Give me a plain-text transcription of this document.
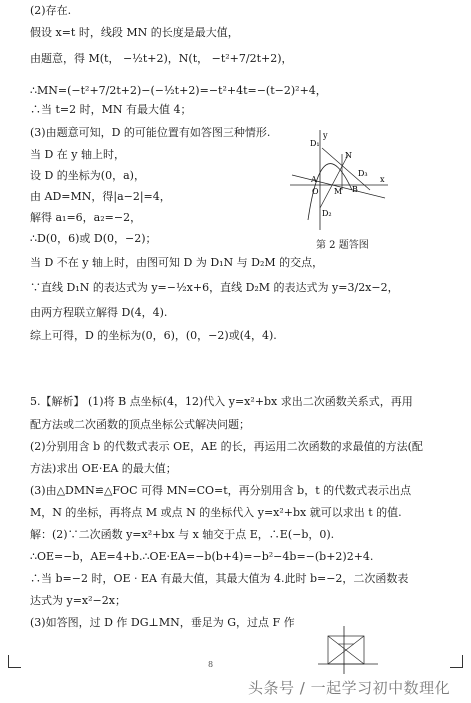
(2)存在.
假设 x=t 时，线段 MN 的长度是最大值，
由题意，得 M(t， −½t+2)，N(t， −t²+7/2t+2)，
∴MN=(−t²+7/2t+2)−(−½t+2)=−t²+4t=−(t−2)²+4，
∴当 t=2 时，MN 有最大值 4；
(3)由题意可知，D 的可能位置有如答图三种情形.
当 D 在 y 轴上时，
设 D 的坐标为(0，a)，
由 AD=MN，得|a−2|=4，
解得 a₁=6，a₂=−2，
∴D(0，6)或 D(0，−2)；
当 D 不在 y 轴上时，由图可知 D 为 D₁N 与 D₂M 的交点，
∵直线 D₁N 的表达式为 y=−½x+6，直线 D₂M 的表达式为 y=3/2x−2，
由两方程联立解得 D(4，4).
综上可得，D 的坐标为(0，6)，(0，−2)或(4，4).
5.【解析】 (1)将 B 点坐标(4，12)代入 y=x²+bx 求出二次函数关系式，再用
配方法或二次函数的顶点坐标公式解决问题；
(2)分别用含 b 的代数式表示 OE，AE 的长，再运用二次函数的求最值的方法(配
方法)求出 OE·EA 的最大值；
(3)由△DMN≌△FOC 可得 MN=CO=t，再分别用含 b，t 的代数式表示出点
M，N 的坐标，再将点 M 或点 N 的坐标代入 y=x²+bx 就可以求出 t 的值.
解：(2)∵二次函数 y=x²+bx 与 x 轴交于点 E，∴E(−b，0).
∴OE=−b，AE=4+b.∴OE·EA=−b(b+4)=−b²−4b=−(b+2)2+4.
∴当 b=−2 时，OE · EA 有最大值，其最大值为 4.此时 b=−2，二次函数表
达式为 y=x²−2x；
(3)如答图，过 D 作 DG⊥MN，垂足为 G，过点 F 作
D₁
N
D₃
A
O M B
D₂
y
x
第 2 题答图
8
头条号 / 一起学习初中数理化
